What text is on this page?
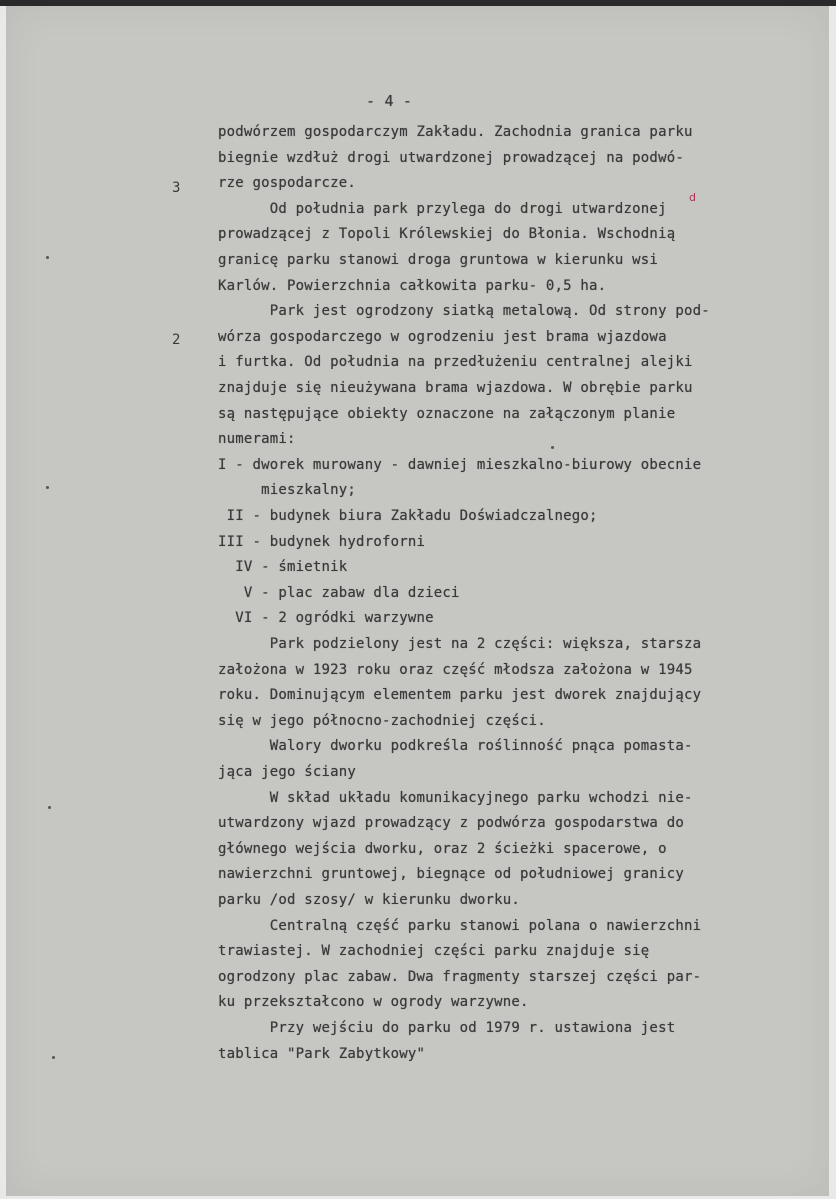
- 4 -
3
2
d
podwórzem gospodarczym Zakładu. Zachodnia granica parku
biegnie wzdłuż drogi utwardzonej prowadzącej na podwó-
rze gospodarcze.
Od południa park przylega do drogi utwardzonej
prowadzącej z Topoli Królewskiej do Błonia. Wschodnią
granicę parku stanowi droga gruntowa w kierunku wsi
Karlów. Powierzchnia całkowita parku- 0,5 ha.
Park jest ogrodzony siatką metalową. Od strony pod-
wórza gospodarczego w ogrodzeniu jest brama wjazdowa
i furtka. Od południa na przedłużeniu centralnej alejki
znajduje się nieużywana brama wjazdowa. W obrębie parku
są następujące obiekty oznaczone na załączonym planie
numerami:
I - dworek murowany - dawniej mieszkalno-biurowy obecnie
mieszkalny;
II - budynek biura Zakładu Doświadczalnego;
III - budynek hydroforni
IV - śmietnik
V - plac zabaw dla dzieci
VI - 2 ogródki warzywne
Park podzielony jest na 2 części: większa, starsza
założona w 1923 roku oraz część młodsza założona w 1945
roku. Dominującym elementem parku jest dworek znajdujący
się w jego północno-zachodniej części.
Walory dworku podkreśla roślinność pnąca pomasta-
jąca jego ściany
W skład układu komunikacyjnego parku wchodzi nie-
utwardzony wjazd prowadzący z podwórza gospodarstwa do
głównego wejścia dworku, oraz 2 ścieżki spacerowe, o
nawierzchni gruntowej, biegnące od południowej granicy
parku /od szosy/ w kierunku dworku.
Centralną część parku stanowi polana o nawierzchni
trawiastej. W zachodniej części parku znajduje się
ogrodzony plac zabaw. Dwa fragmenty starszej części par-
ku przekształcono w ogrody warzywne.
Przy wejściu do parku od 1979 r. ustawiona jest
tablica "Park Zabytkowy"
